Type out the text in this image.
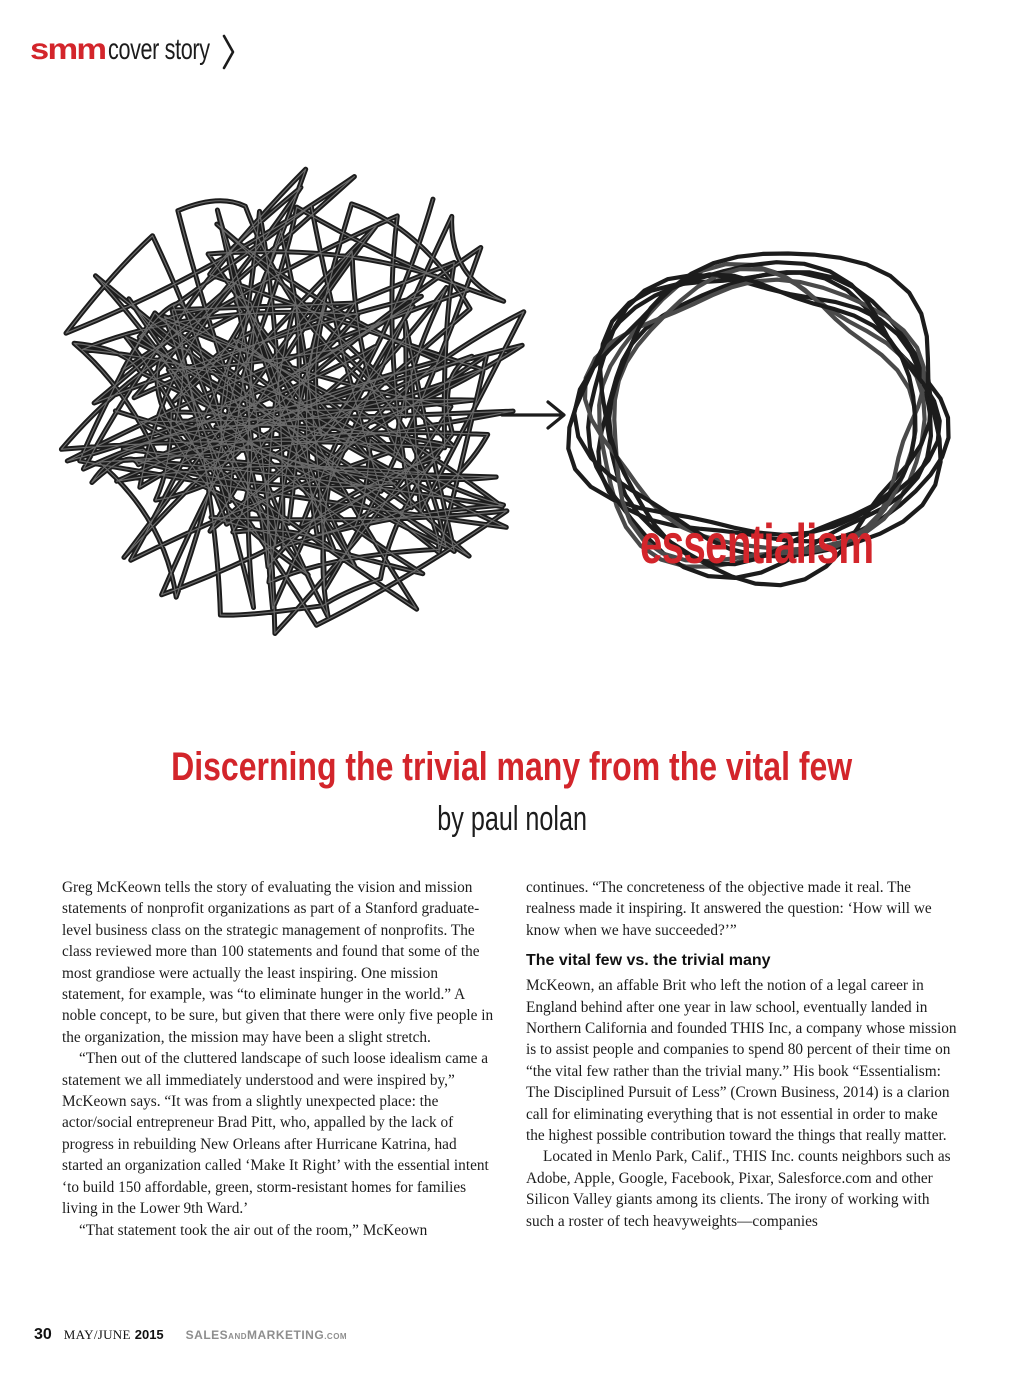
smm cover story
essentialism
Discerning the trivial many from the vital few
by paul nolan

Greg McKeown tells the story of evaluating the vision and mission statements of nonprofit organizations as part of a Stanford graduate-level business class on the strategic management of nonprofits. The class reviewed more than 100 statements and found that some of the most grandiose were actually the least inspiring. One mission statement, for example, was “to eliminate hunger in the world.” A noble concept, to be sure, but given that there were only five people in the organization, the mission may have been a slight stretch.

“Then out of the cluttered landscape of such loose idealism came a statement we all immediately understood and were inspired by,” McKeown says. “It was from a slightly unexpected place: the actor/social entrepreneur Brad Pitt, who, appalled by the lack of progress in rebuilding New Orleans after Hurricane Katrina, had started an organization called ‘Make It Right’ with the essential intent ‘to build 150 affordable, green, storm-resistant homes for families living in the Lower 9th Ward.’

“That statement took the air out of the room,” McKeown

continues. “The concreteness of the objective made it real. The realness made it inspiring. It answered the question: ‘How will we know when we have succeeded?’”

The vital few vs. the trivial many

McKeown, an affable Brit who left the notion of a legal career in England behind after one year in law school, eventually landed in Northern California and founded THIS Inc, a company whose mission is to assist people and companies to spend 80 percent of their time on “the vital few rather than the trivial many.” His book “Essentialism: The Disciplined Pursuit of Less” (Crown Business, 2014) is a clarion call for eliminating everything that is not essential in order to make the highest possible contribution toward the things that really matter.

Located in Menlo Park, Calif., THIS Inc. counts neighbors such as Adobe, Apple, Google, Facebook, Pixar, Salesforce.com and other Silicon Valley giants among its clients. The irony of working with such a roster of tech heavyweights—companies

30 MAY/JUNE 2015 SALESANDMARKETING.COM
